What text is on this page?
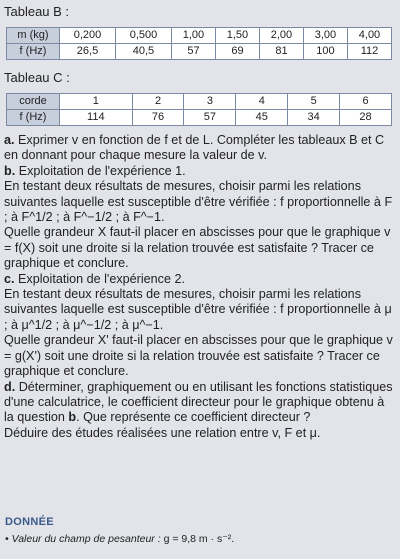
Tableau B :
m (kg)	0,200	0,500	1,00	1,50	2,00	3,00	4,00
f (Hz)	26,5	40,5	57	69	81	100	112
Tableau C :
corde	1	2	3	4	5	6
f (Hz)	114	76	57	45	34	28

a. Exprimer v en fonction de f et de L. Compléter les tableaux B et C en donnant pour chaque mesure la valeur de v.

b. Exploitation de l'expérience 1.

En testant deux résultats de mesures, choisir parmi les relations suivantes laquelle est susceptible d'être vérifiée : f proportionnelle à F ; à F^1/2 ; à F^−1/2 ; à F^−1.

Quelle grandeur X faut-il placer en abscisses pour que le graphique v = f(X) soit une droite si la relation trouvée est satisfaite ? Tracer ce graphique et conclure.

c. Exploitation de l'expérience 2.

En testant deux résultats de mesures, choisir parmi les relations suivantes laquelle est susceptible d'être vérifiée : f proportionnelle à μ ; à μ^1/2 ; à μ^−1/2 ; à μ^−1.

Quelle grandeur X' faut-il placer en abscisses pour que le graphique v = g(X') soit une droite si la relation trouvée est satisfaite ? Tracer ce graphique et conclure.

d. Déterminer, graphiquement ou en utilisant les fonctions statistiques d'une calculatrice, le coefficient directeur pour le graphique obtenu à la question b. Que représente ce coefficient directeur ?

Déduire des études réalisées une relation entre v, F et μ.

DONNÉE
• Valeur du champ de pesanteur : g = 9,8 m · s⁻².
